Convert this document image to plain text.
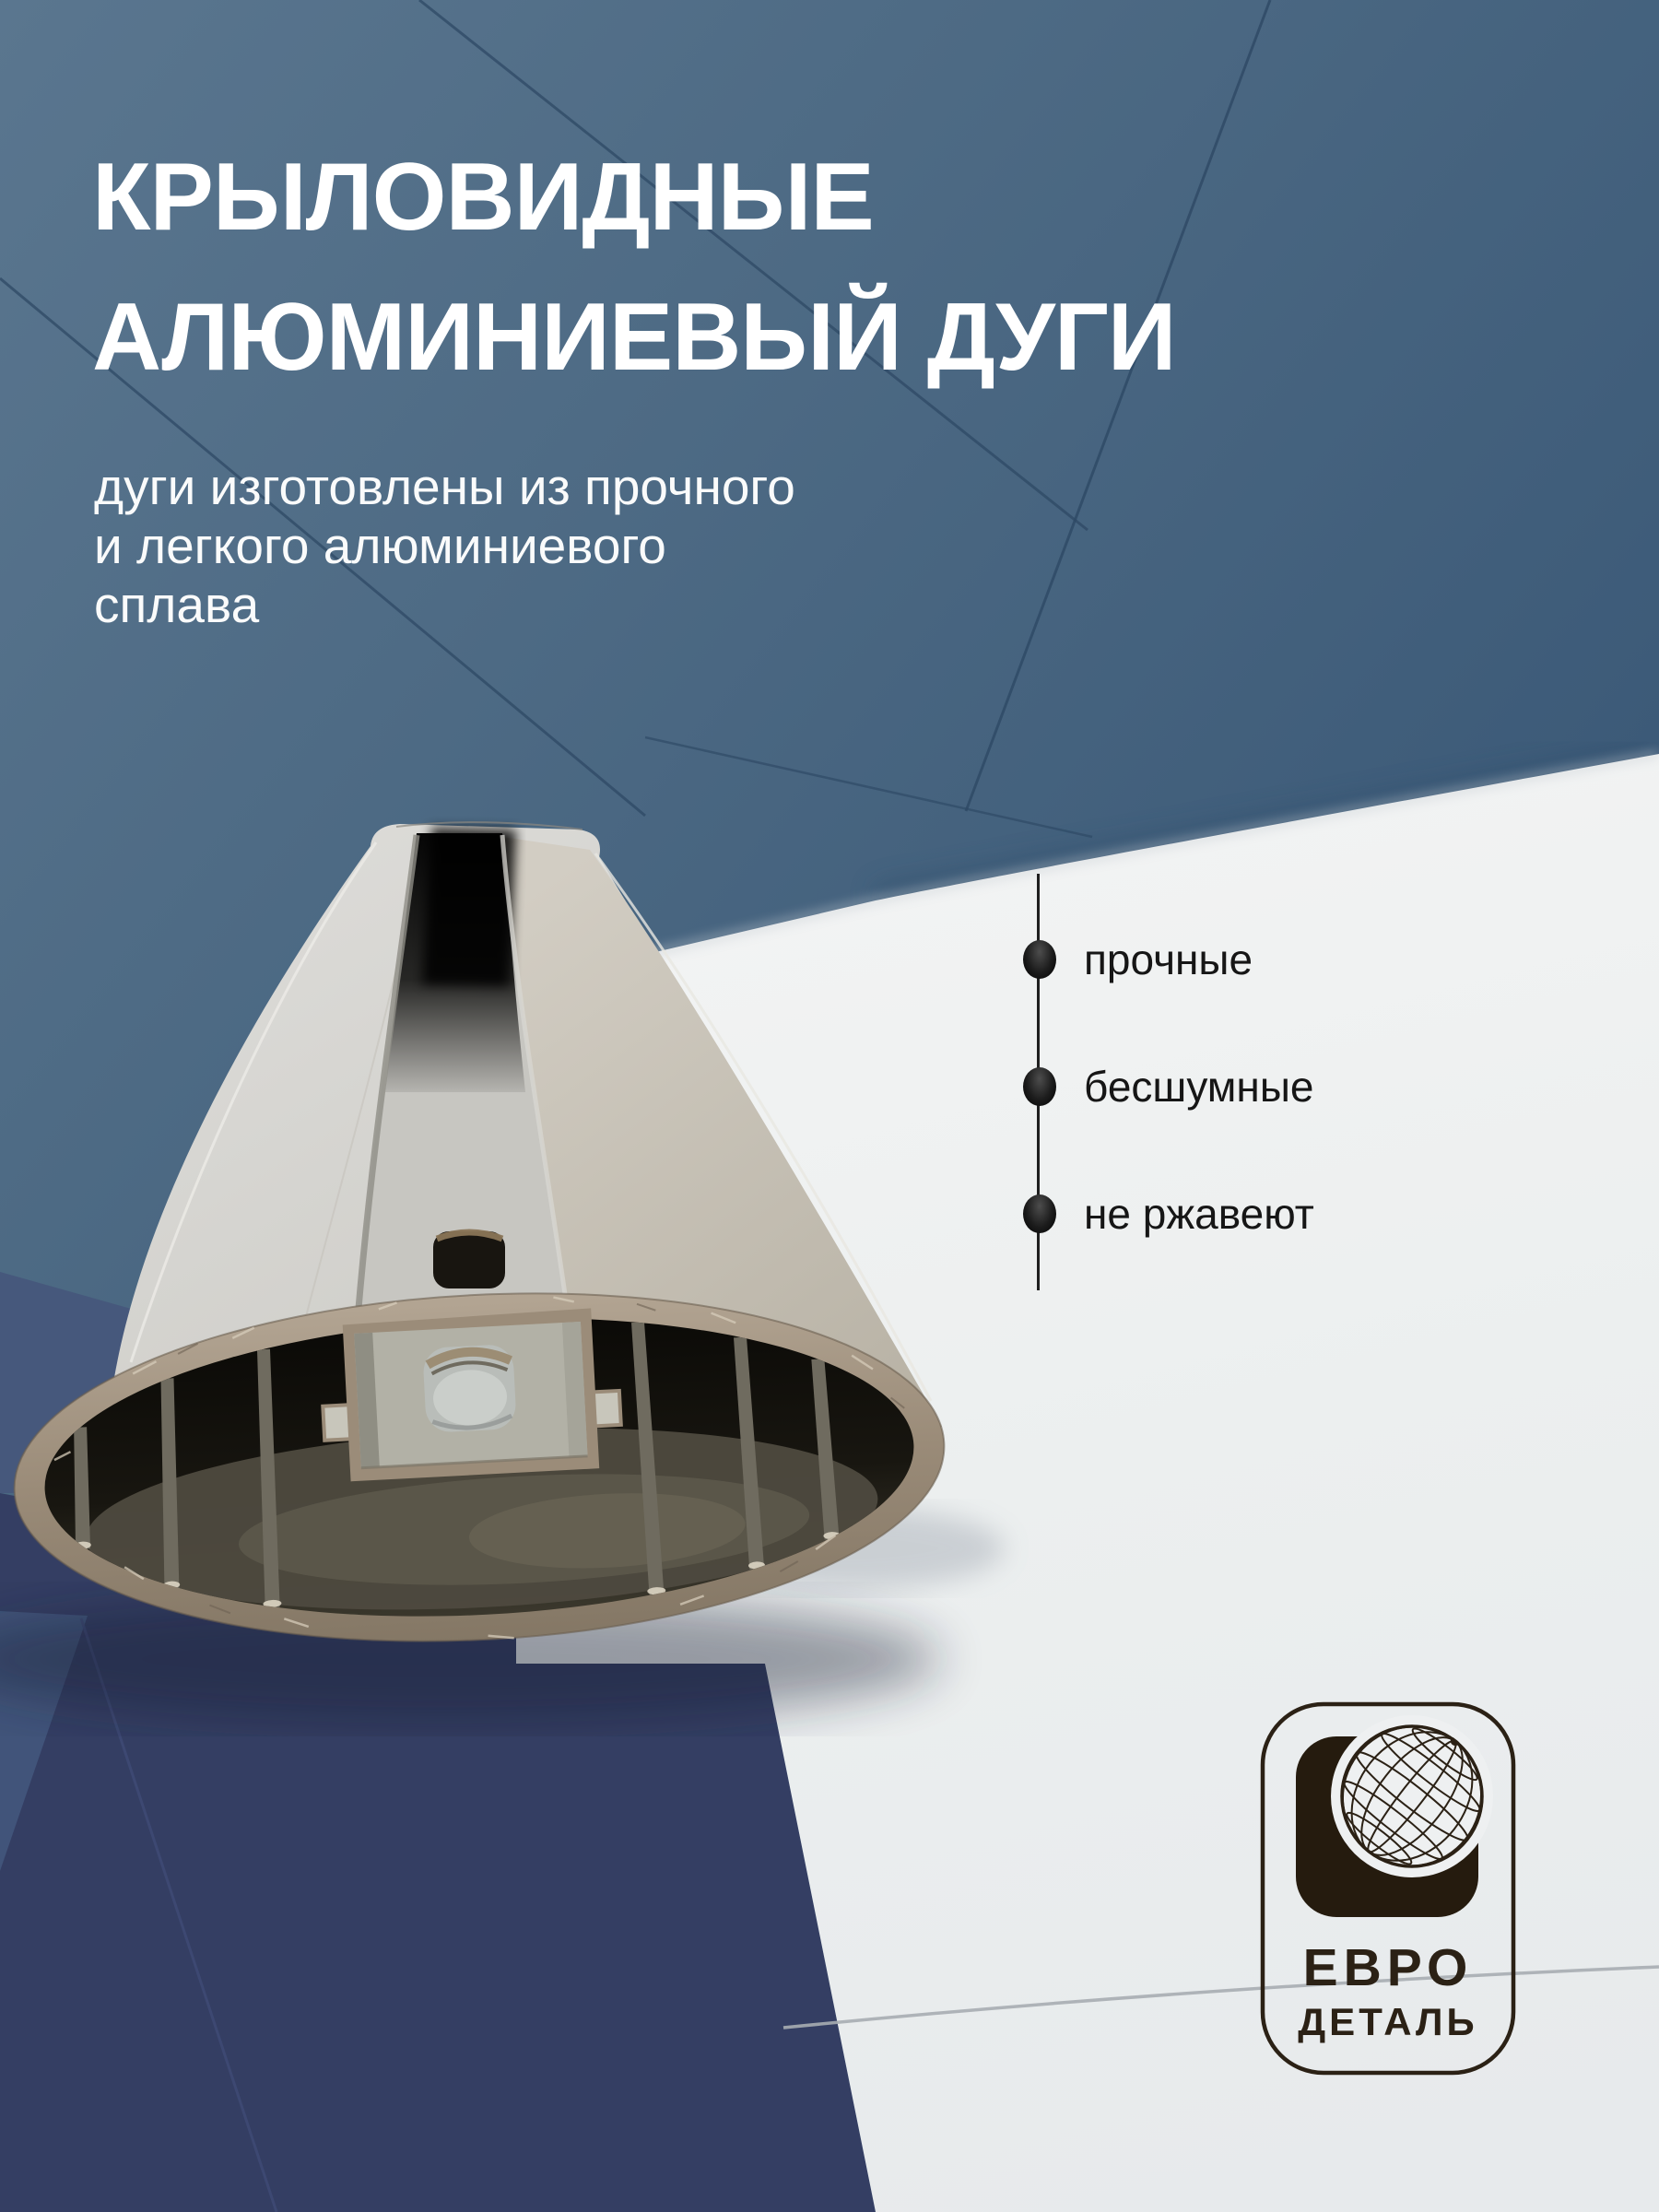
КРЫЛОВИДНЫЕ
АЛЮМИНИЕВЫЙ ДУГИ
дуги изготовлены из прочного
и легкого алюминиевого
сплава
прочные
бесшумные
не ржавеют
ЕВРО
ДЕТАЛЬ
